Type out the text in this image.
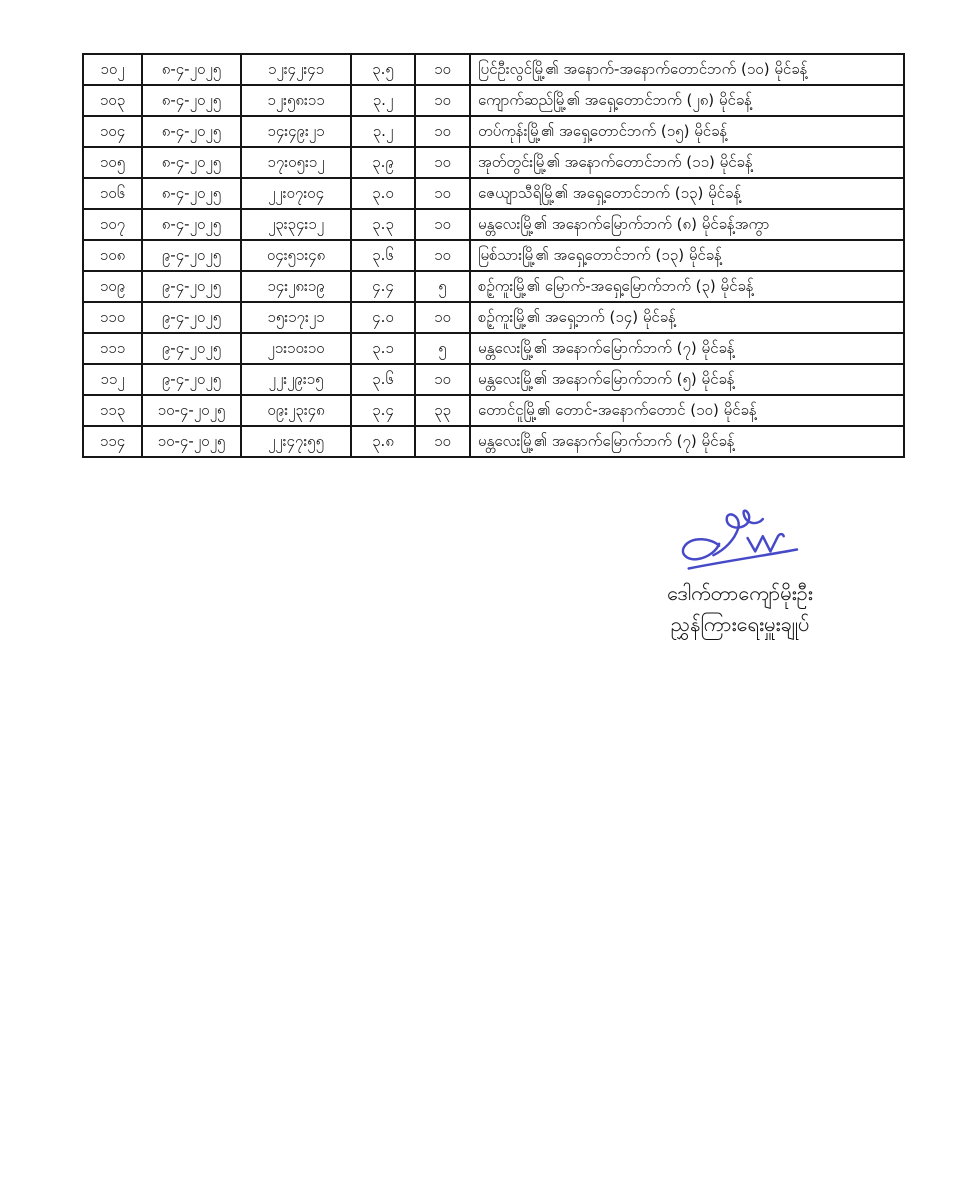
၁၀၂	၈-၄-၂၀၂၅	၁၂း၄၂း၄၁	၃.၅	၁၀	ပြင်ဦးလွင်မြို့၏ အနောက်-အနောက်တောင်ဘက် (၁၀) မိုင်ခန့်
၁၀၃	၈-၄-၂၀၂၅	၁၂း၅၈း၁၁	၃.၂	၁၀	ကျောက်ဆည်မြို့၏ အရှေ့တောင်ဘက် (၂၈) မိုင်ခန့်
၁၀၄	၈-၄-၂၀၂၅	၁၄း၄၉း၂၁	၃.၂	၁၀	တပ်ကုန်းမြို့၏ အရှေ့တောင်ဘက် (၁၅) မိုင်ခန့်
၁၀၅	၈-၄-၂၀၂၅	၁၇း၀၅း၁၂	၃.၉	၁၀	အုတ်တွင်းမြို့၏ အနောက်တောင်ဘက် (၁၁) မိုင်ခန့်
၁၀၆	၈-၄-၂၀၂၅	၂၂း၀၇း၀၄	၃.၀	၁၀	ဇေယျာသီရိမြို့၏ အရှေ့တောင်ဘက် (၁၃) မိုင်ခန့်
၁၀၇	၈-၄-၂၀၂၅	၂၃း၃၄း၁၂	၃.၃	၁၀	မန္တလေးမြို့၏ အနောက်မြောက်ဘက် (၈) မိုင်ခန့်အကွာ
၁၀၈	၉-၄-၂၀၂၅	၀၄း၅၁း၄၈	၃.၆	၁၀	မြစ်သားမြို့၏ အရှေ့တောင်ဘက် (၁၃) မိုင်ခန့်
၁၀၉	၉-၄-၂၀၂၅	၁၄း၂၈း၁၉	၄.၄	၅	စဉ့်ကူးမြို့၏ မြောက်-အရှေ့မြောက်ဘက် (၃) မိုင်ခန့်
၁၁၀	၉-၄-၂၀၂၅	၁၅း၁၇း၂၁	၄.၀	၁၀	စဉ့်ကူးမြို့၏ အရှေ့ဘက် (၁၄) မိုင်ခန့်
၁၁၁	၉-၄-၂၀၂၅	၂၁း၁၀း၁၀	၃.၁	၅	မန္တလေးမြို့၏ အနောက်မြောက်ဘက် (၇) မိုင်ခန့်
၁၁၂	၉-၄-၂၀၂၅	၂၂း၂၉း၁၅	၃.၆	၁၀	မန္တလေးမြို့၏ အနောက်မြောက်ဘက် (၅) မိုင်ခန့်
၁၁၃	၁၀-၄-၂၀၂၅	၀၉း၂၃း၄၈	၃.၄	၃၃	တောင်ငူမြို့၏ တောင်-အနောက်တောင် (၁၀) မိုင်ခန့်
၁၁၄	၁၀-၄-၂၀၂၅	၂၂း၄၇း၅၅	၃.၈	၁၀	မန္တလေးမြို့၏ အနောက်မြောက်ဘက် (၇) မိုင်ခန့်
ဒေါက်တာကျော်မိုးဦး
ညွှန်ကြားရေးမှူးချုပ်
